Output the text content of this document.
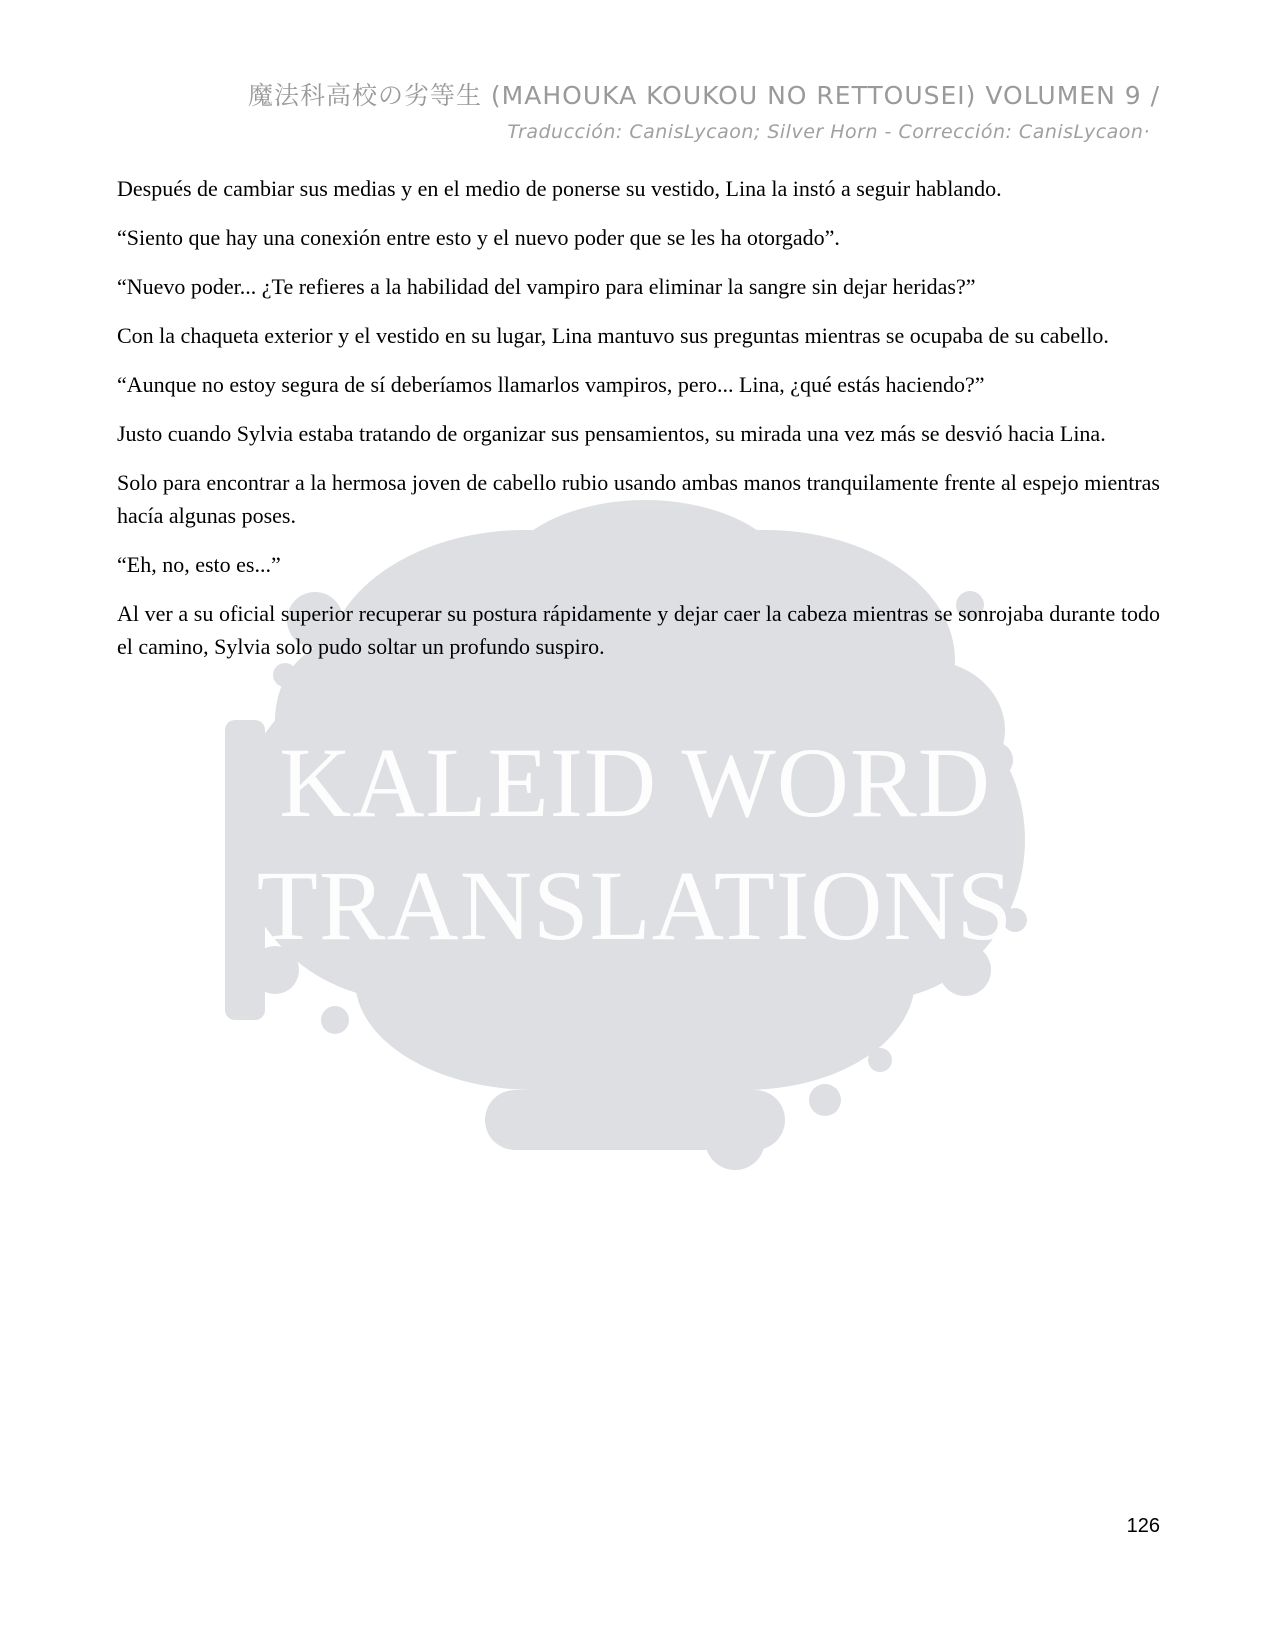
魔法科高校の劣等生 (MAHOUKA KOUKOU NO RETTOUSEI) VOLUMEN 9 /
Traducción: CanisLycaon; Silver Horn - Corrección: CanisLycaon·
KALEID WORD
TRANSLATIONS

Después de cambiar sus medias y en el medio de ponerse su vestido, Lina la instó a seguir hablando.

“Siento que hay una conexión entre esto y el nuevo poder que se les ha otorgado”.

“Nuevo poder... ¿Te refieres a la habilidad del vampiro para eliminar la sangre sin dejar heridas?”

Con la chaqueta exterior y el vestido en su lugar, Lina mantuvo sus preguntas mientras se ocupaba de su cabello.

“Aunque no estoy segura de sí deberíamos llamarlos vampiros, pero... Lina, ¿qué estás haciendo?”

Justo cuando Sylvia estaba tratando de organizar sus pensamientos, su mirada una vez más se desvió hacia Lina.

Solo para encontrar a la hermosa joven de cabello rubio usando ambas manos tranquilamente frente al espejo mientras hacía algunas poses.

“Eh, no, esto es...”

Al ver a su oficial superior recuperar su postura rápidamente y dejar caer la cabeza mientras se sonrojaba durante todo el camino, Sylvia solo pudo soltar un profundo suspiro.

126
